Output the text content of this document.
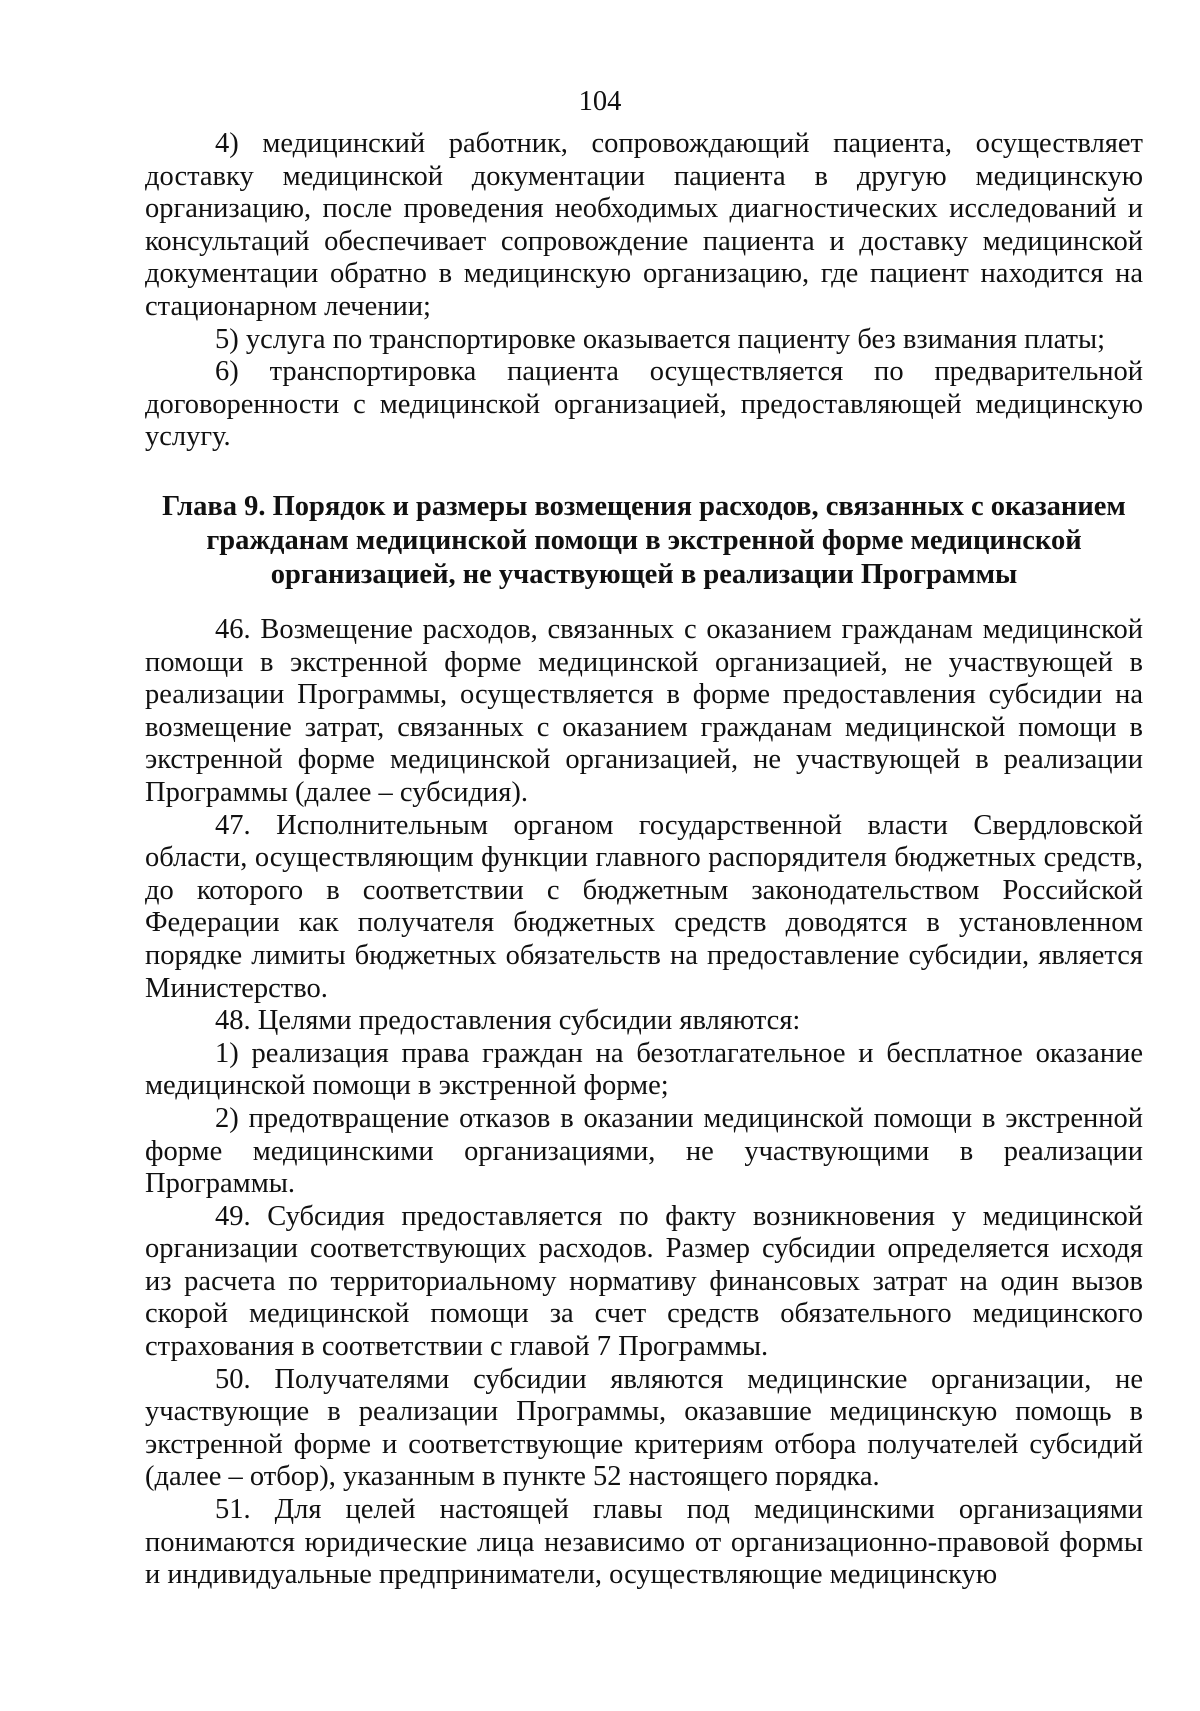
104

4) медицинский работник, сопровождающий пациента, осуществляет доставку медицинской документации пациента в другую медицинскую организацию, после проведения необходимых диагностических исследований и консультаций обеспечивает сопровождение пациента и доставку медицинской документации обратно в медицинскую организацию, где пациент находится на стационарном лечении;

5) услуга по транспортировке оказывается пациенту без взимания платы;

6) транспортировка пациента осуществляется по предварительной договоренности с медицинской организацией, предоставляющей медицинскую услугу.

Глава 9. Порядок и размеры возмещения расходов, связанных с оказанием
гражданам медицинской помощи в экстренной форме медицинской
организацией, не участвующей в реализации Программы

46. Возмещение расходов, связанных с оказанием гражданам медицинской помощи в экстренной форме медицинской организацией, не участвующей в реализации Программы, осуществляется в форме предоставления субсидии на возмещение затрат, связанных с оказанием гражданам медицинской помощи в экстренной форме медицинской организацией, не участвующей в реализации Программы (далее – субсидия).

47. Исполнительным органом государственной власти Свердловской области, осуществляющим функции главного распорядителя бюджетных средств, до которого в соответствии с бюджетным законодательством Российской Федерации как получателя бюджетных средств доводятся в установленном порядке лимиты бюджетных обязательств на предоставление субсидии, является Министерство.

48. Целями предоставления субсидии являются:

1) реализация права граждан на безотлагательное и бесплатное оказание медицинской помощи в экстренной форме;

2) предотвращение отказов в оказании медицинской помощи в экстренной форме медицинскими организациями, не участвующими в реализации Программы.

49. Субсидия предоставляется по факту возникновения у медицинской организации соответствующих расходов. Размер субсидии определяется исходя из расчета по территориальному нормативу финансовых затрат на один вызов скорой медицинской помощи за счет средств обязательного медицинского страхования в соответствии с главой 7 Программы.

50. Получателями субсидии являются медицинские организации, не участвующие в реализации Программы, оказавшие медицинскую помощь в экстренной форме и соответствующие критериям отбора получателей субсидий (далее – отбор), указанным в пункте 52 настоящего порядка.

51. Для целей настоящей главы под медицинскими организациями понимаются юридические лица независимо от организационно-правовой формы и индивидуальные предприниматели, осуществляющие медицинскую
